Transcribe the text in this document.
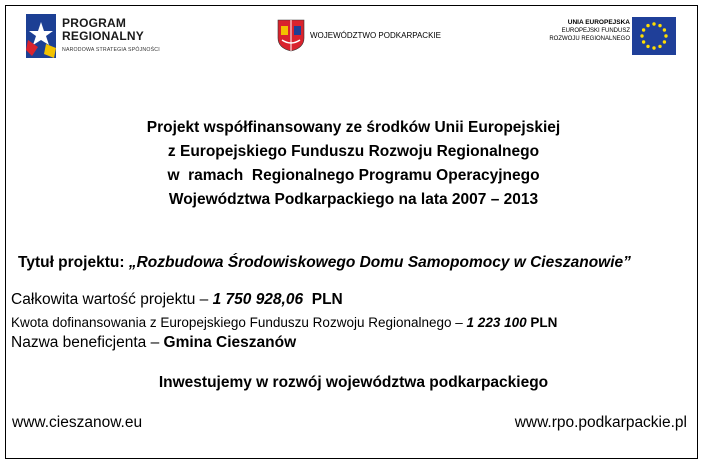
PROGRAM REGIONALNY
NARODOWA STRATEGIA SPÓJNOŚCI
WOJEWÓDZTWO PODKARPACKIE
UNIA EUROPEJSKA
EUROPEJSKI FUNDUSZ
ROZWOJU REGIONALNEGO
Projekt współfinansowany ze środków Unii Europejskiej
z Europejskiego Funduszu Rozwoju Regionalnego
w  ramach  Regionalnego Programu Operacyjnego
Województwa Podkarpackiego na lata 2007 – 2013
Tytuł projektu: „Rozbudowa Środowiskowego Domu Samopomocy w Cieszanowie”
Całkowita wartość projektu – 1 750 928,06 PLN
Kwota dofinansowania z Europejskiego Funduszu Rozwoju Regionalnego – 1 223 100 PLN
Nazwa beneficjenta – Gmina Cieszanów
Inwestujemy w rozwój województwa podkarpackiego
www.cieszanow.eu	www.rpo.podkarpackie.pl
